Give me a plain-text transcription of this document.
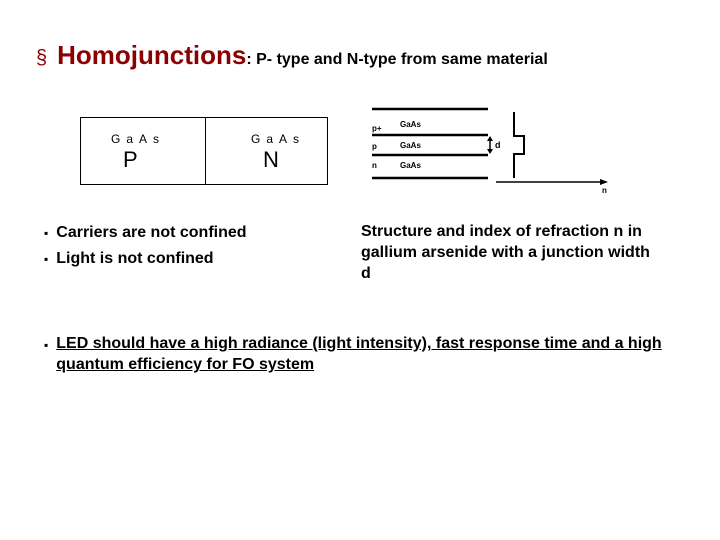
§ Homojunctions: P- type and N-type from same material
GaAs
P
GaAs
N
p+
p
n
GaAs
GaAs
GaAs
d
n
▪ Carriers are not confined
▪ Light is not confined
Structure and index of refraction n in gallium arsenide with a junction width d
▪ LED should have a high radiance (light intensity), fast response time and a high quantum efficiency for FO system
